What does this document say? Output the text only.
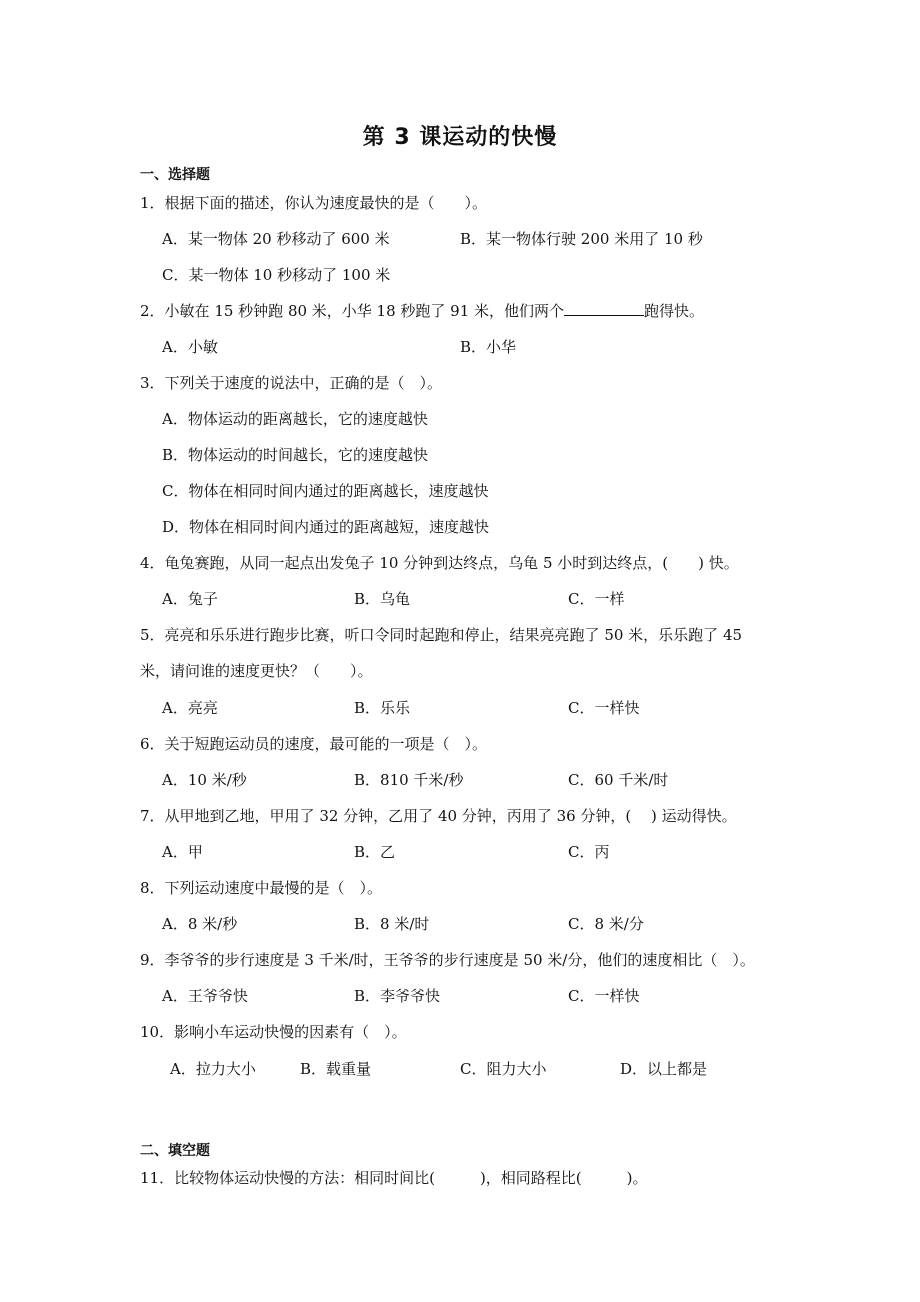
第 3 课运动的快慢
一、选择题
1．根据下面的描述，你认为速度最快的是（　　）。
A．某一物体 20 秒移动了 600 米	B．某一物体行驶 200 米用了 10 秒
C．某一物体 10 秒移动了 100 米
2．小敏在 15 秒钟跑 80 米，小华 18 秒跑了 91 米，他们两个	跑得快。
A．小敏	B．小华
3．下列关于速度的说法中，正确的是（　）。
A．物体运动的距离越长，它的速度越快
B．物体运动的时间越长，它的速度越快
C．物体在相同时间内通过的距离越长，速度越快
D．物体在相同时间内通过的距离越短，速度越快
4．龟兔赛跑，从同一起点出发兔子 10 分钟到达终点，乌龟 5 小时到达终点，(　　) 快。
A．兔子	B．乌龟	C．一样
5．亮亮和乐乐进行跑步比赛，听口令同时起跑和停止，结果亮亮跑了 50 米，乐乐跑了 45
米，请问谁的速度更快？（　　）。
A．亮亮	B．乐乐	C．一样快
6．关于短跑运动员的速度，最可能的一项是（　）。
A．10 米/秒	B．810 千米/秒	C．60 千米/时
7．从甲地到乙地，甲用了 32 分钟，乙用了 40 分钟，丙用了 36 分钟，(　 ) 运动得快。
A．甲	B．乙	C．丙
8．下列运动速度中最慢的是（　）。
A．8 米/秒	B．8 米/时	C．8 米/分
9．李爷爷的步行速度是 3 千米/时，王爷爷的步行速度是 50 米/分，他们的速度相比（　）。
A．王爷爷快	B．李爷爷快	C．一样快
10．影响小车运动快慢的因素有（　）。
A．拉力大小	B．载重量	C．阻力大小	D．以上都是
二、填空题
11．比较物体运动快慢的方法：相同时间比(　　　)，相同路程比(　　　)。
